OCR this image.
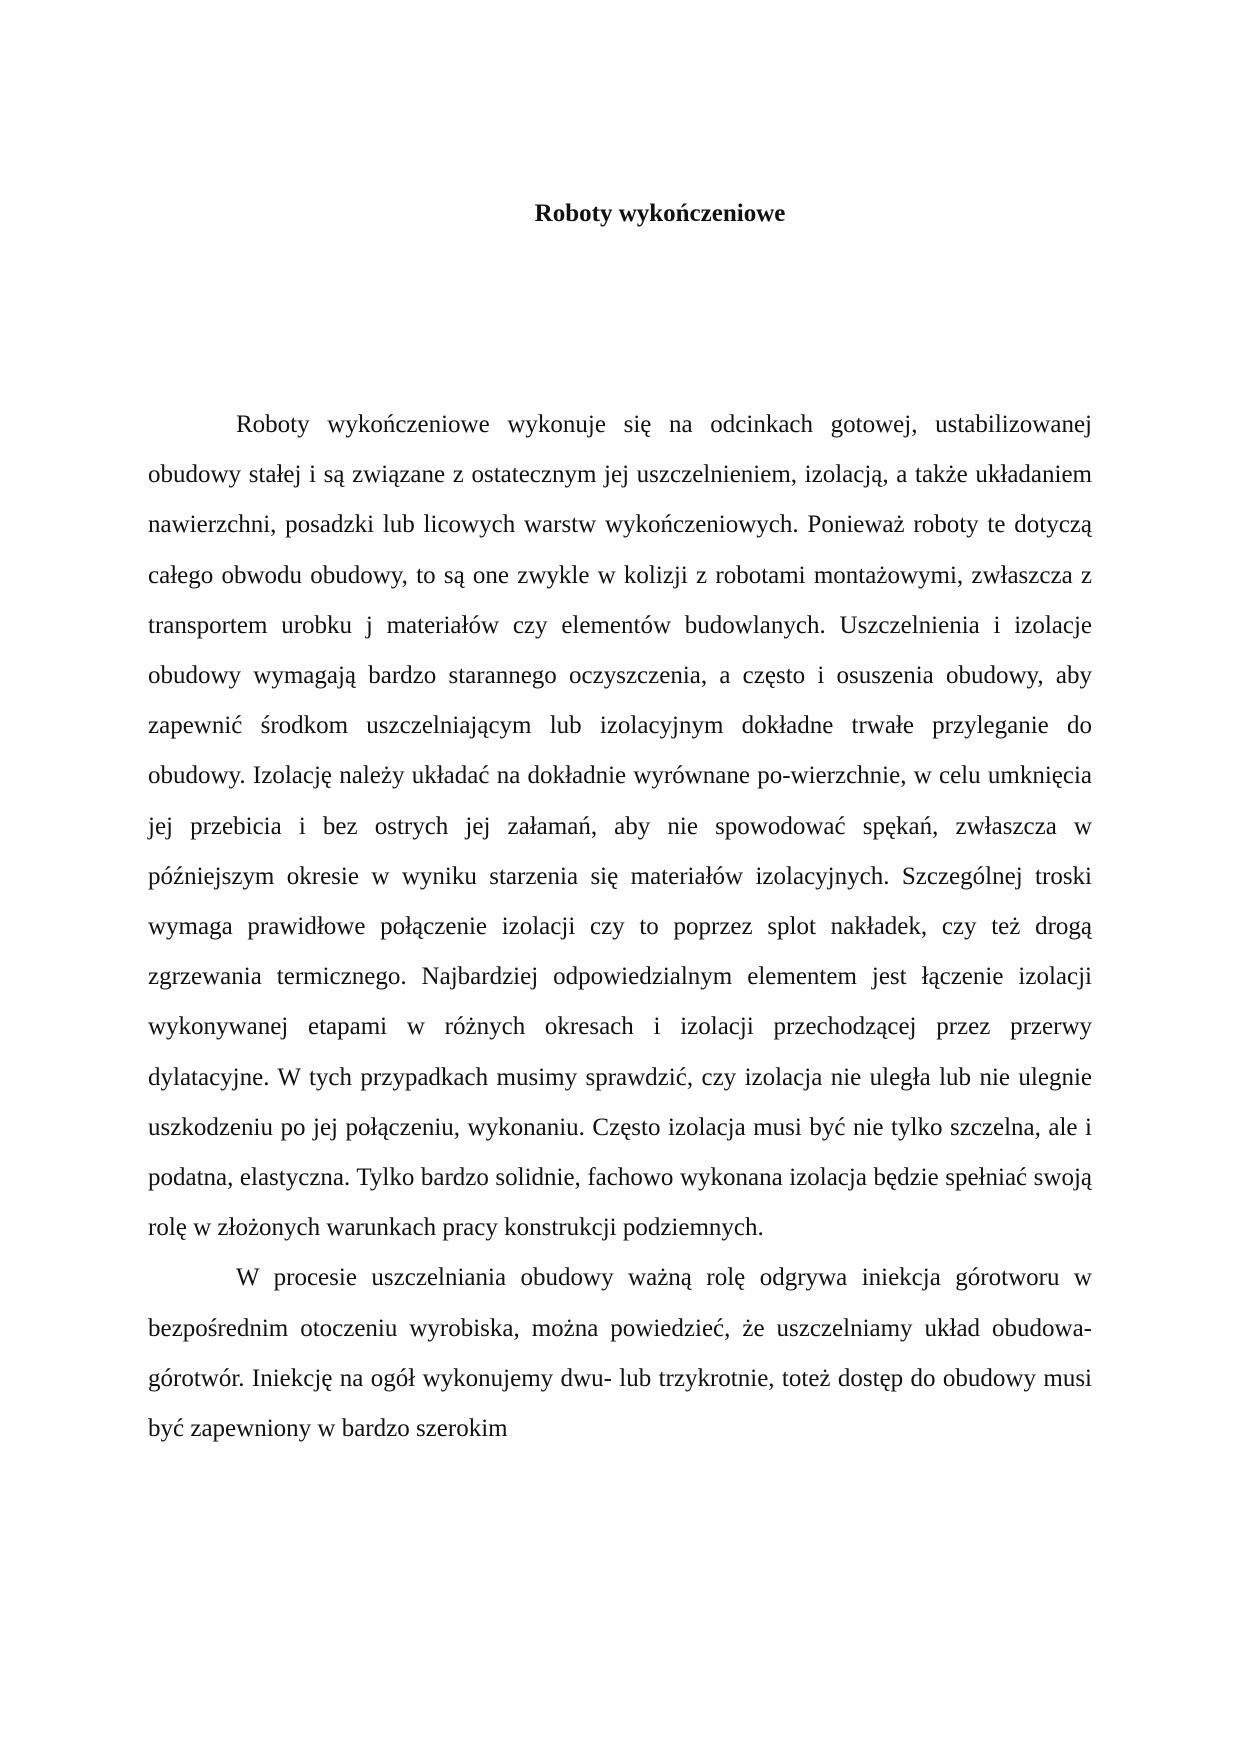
Roboty wykończeniowe

Roboty wykończeniowe wykonuje się na odcinkach gotowej, ustabilizowanej obudowy stałej i są związane z ostatecznym jej uszczelnieniem, izolacją, a także układaniem nawierzchni, posadzki lub licowych warstw wykończeniowych. Ponieważ roboty te dotyczą całego obwodu obudowy, to są one zwykle w kolizji z robotami montażowymi, zwłaszcza z transportem urobku j materiałów czy elementów budowlanych. Uszczelnienia i izolacje obudowy wymagają bardzo starannego oczyszczenia, a często i osuszenia obudowy, aby zapewnić środkom uszczelniającym lub izolacyjnym dokładne trwałe przyleganie do obudowy. Izolację należy układać na dokładnie wyrównane po-wierzchnie, w celu umknięcia jej przebicia i bez ostrych jej załamań, aby nie spowodować spękań, zwłaszcza w późniejszym okresie w wyniku starzenia się materiałów izolacyjnych. Szczególnej troski wymaga prawidłowe połączenie izolacji czy to poprzez splot nakładek, czy też drogą zgrzewania termicznego. Najbardziej odpowiedzialnym elementem jest łączenie izolacji wykonywanej etapami w różnych okresach i izolacji przechodzącej przez przerwy dylatacyjne. W tych przypadkach musimy sprawdzić, czy izolacja nie uległa lub nie ulegnie uszkodzeniu po jej połączeniu, wykonaniu. Często izolacja musi być nie tylko szczelna, ale i podatna, elastyczna. Tylko bardzo solidnie, fachowo wykonana izolacja będzie spełniać swoją rolę w złożonych warunkach pracy konstrukcji podziemnych.

W procesie uszczelniania obudowy ważną rolę odgrywa iniekcja górotworu w bezpośrednim otoczeniu wyrobiska, można powiedzieć, że uszczelniamy układ obudowa-górotwór. Iniekcję na ogół wykonujemy dwu- lub trzykrotnie, toteż dostęp do obudowy musi być zapewniony w bardzo szerokim
